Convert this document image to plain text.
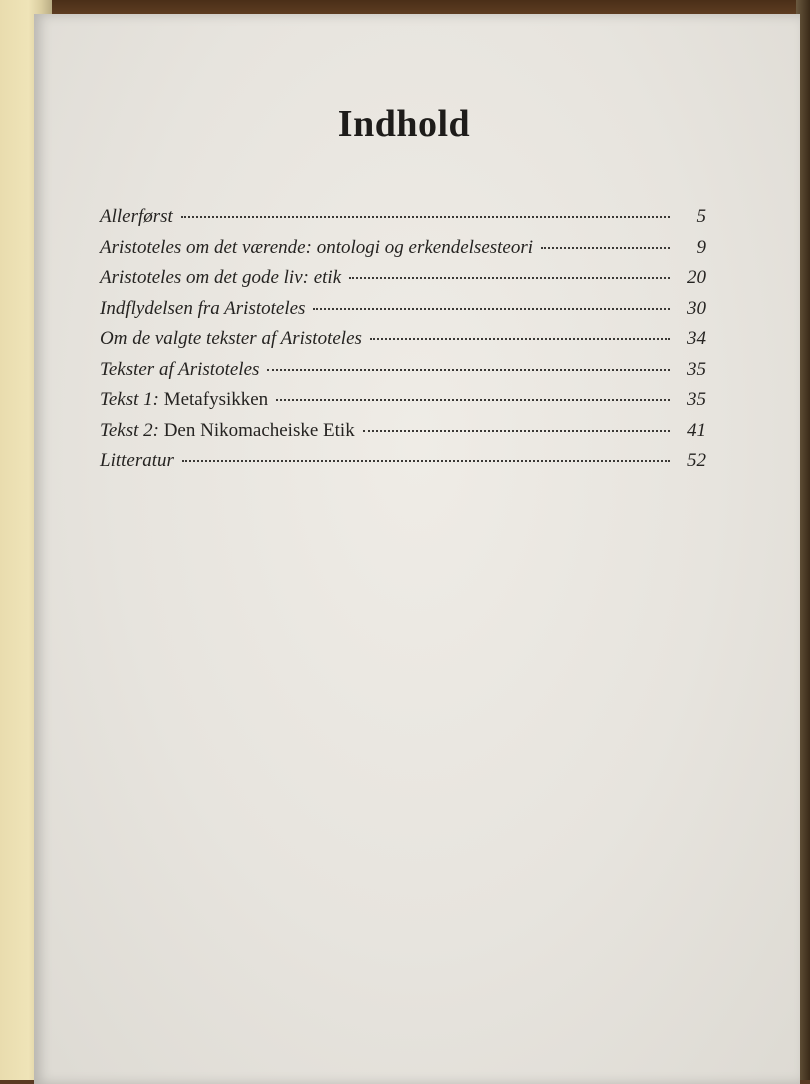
Indhold
Allerførst	5
Aristoteles om det værende: ontologi og erkendelsesteori	9
Aristoteles om det gode liv: etik	20
Indflydelsen fra Aristoteles	30
Om de valgte tekster af Aristoteles	34
Tekster af Aristoteles	35
Tekst 1: Metafysikken	35
Tekst 2: Den Nikomacheiske Etik	41
Litteratur	52
